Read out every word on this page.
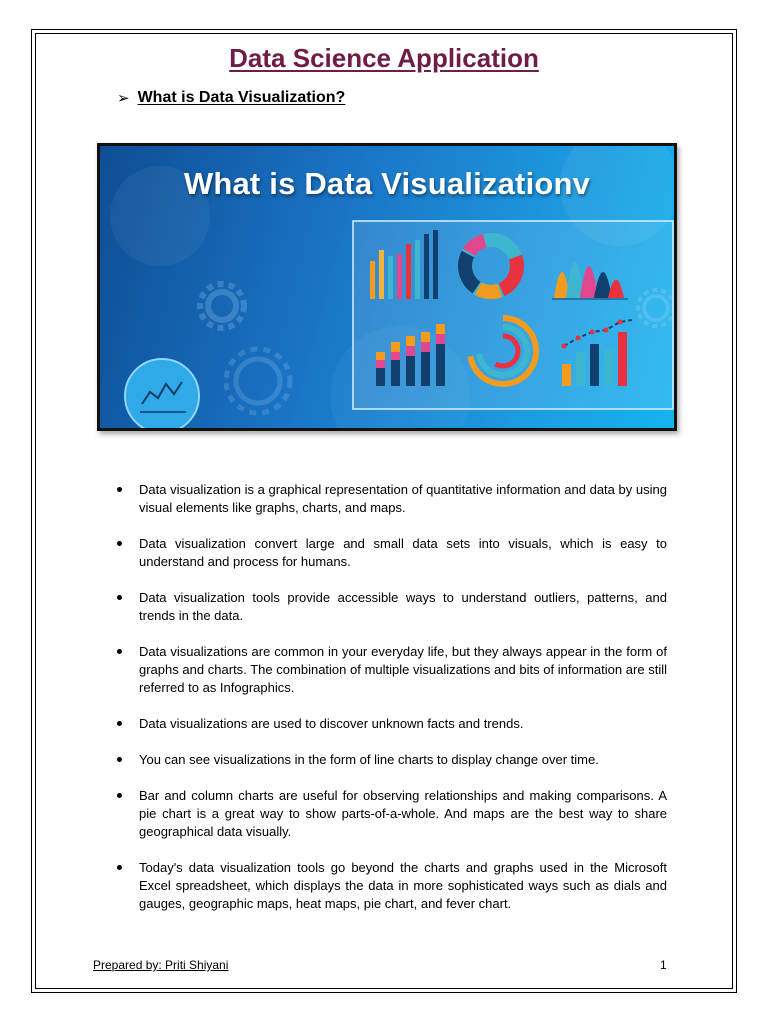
Data Science Application
➢ What is Data Visualization?
What is Data Visualizationv
Data visualization is a graphical representation of quantitative information and data by using visual elements like graphs, charts, and maps.
Data visualization convert large and small data sets into visuals, which is easy to understand and process for humans.
Data visualization tools provide accessible ways to understand outliers, patterns, and trends in the data.
Data visualizations are common in your everyday life, but they always appear in the form of graphs and charts. The combination of multiple visualizations and bits of information are still referred to as Infographics.
Data visualizations are used to discover unknown facts and trends.
You can see visualizations in the form of line charts to display change over time.
Bar and column charts are useful for observing relationships and making comparisons. A pie chart is a great way to show parts-of-a-whole. And maps are the best way to share geographical data visually.
Today's data visualization tools go beyond the charts and graphs used in the Microsoft Excel spreadsheet, which displays the data in more sophisticated ways such as dials and gauges, geographic maps, heat maps, pie chart, and fever chart.
Prepared by: Priti Shiyani	1
